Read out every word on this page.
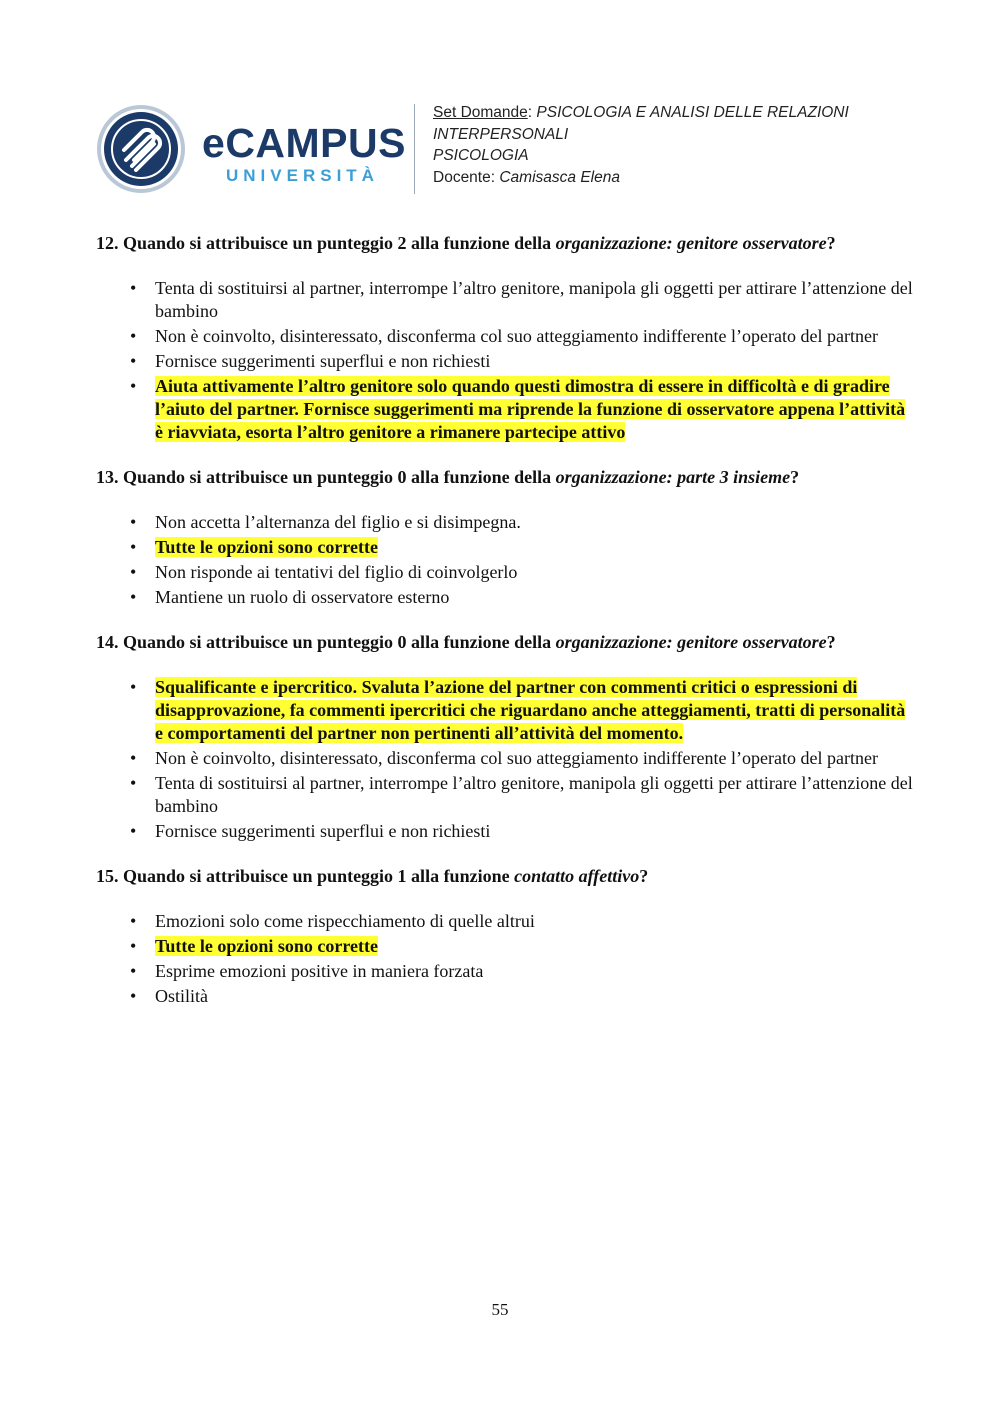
eCAMPUS
UNIVERSITÀ
Set Domande: PSICOLOGIA E ANALISI DELLE RELAZIONI INTERPERSONALI
PSICOLOGIA
Docente: Camisasca Elena

12. Quando si attribuisce un punteggio 2 alla funzione della organizzazione: genitore osservatore?

• Tenta di sostituirsi al partner, interrompe l’altro genitore, manipola gli oggetti per attirare l’attenzione del bambino
• Non è coinvolto, disinteressato, disconferma col suo atteggiamento indifferente l’operato del partner
• Fornisce suggerimenti superflui e non richiesti
• Aiuta attivamente l’altro genitore solo quando questi dimostra di essere in difficoltà e di gradire l’aiuto del partner. Fornisce suggerimenti ma riprende la funzione di osservatore appena l’attività è riavviata, esorta l’altro genitore a rimanere partecipe attivo

13. Quando si attribuisce un punteggio 0 alla funzione della organizzazione: parte 3 insieme?

• Non accetta l’alternanza del figlio e si disimpegna.
• Tutte le opzioni sono corrette
• Non risponde ai tentativi del figlio di coinvolgerlo
• Mantiene un ruolo di osservatore esterno

14. Quando si attribuisce un punteggio 0 alla funzione della organizzazione: genitore osservatore?

• Squalificante e ipercritico. Svaluta l’azione del partner con commenti critici o espressioni di disapprovazione, fa commenti ipercritici che riguardano anche atteggiamenti, tratti di personalità e comportamenti del partner non pertinenti all’attività del momento.
• Non è coinvolto, disinteressato, disconferma col suo atteggiamento indifferente l’operato del partner
• Tenta di sostituirsi al partner, interrompe l’altro genitore, manipola gli oggetti per attirare l’attenzione del bambino
• Fornisce suggerimenti superflui e non richiesti

15. Quando si attribuisce un punteggio 1 alla funzione contatto affettivo?

• Emozioni solo come rispecchiamento di quelle altrui
• Tutte le opzioni sono corrette
• Esprime emozioni positive in maniera forzata
• Ostilità
55
